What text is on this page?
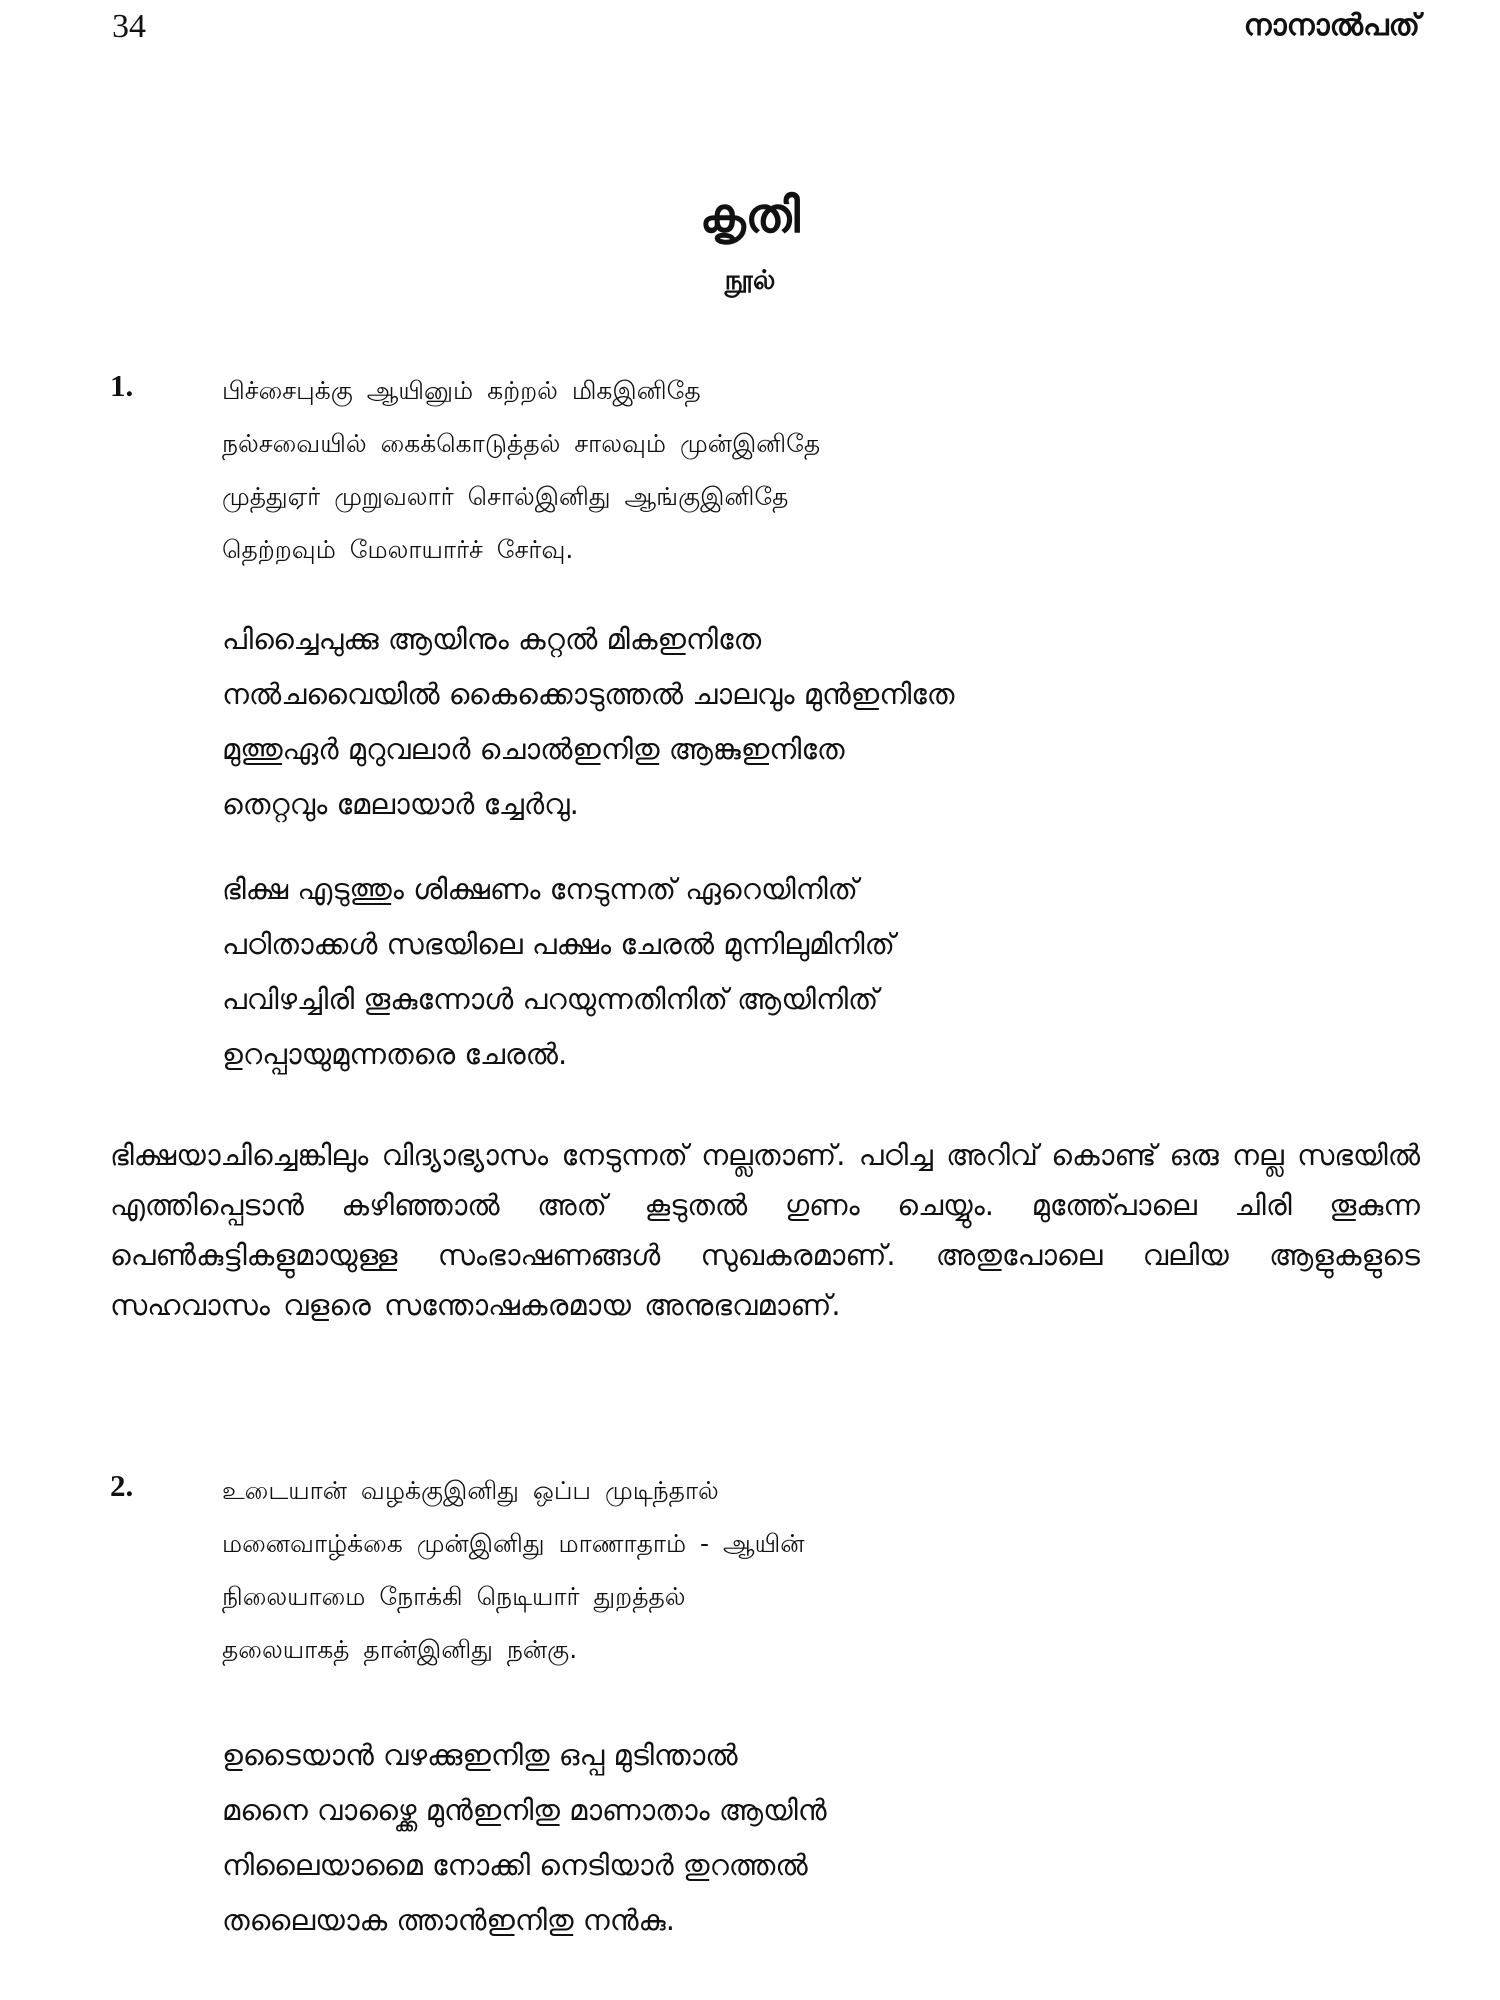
34	നാനാൽപത്
കൃതി
நூல்
1.	பிச்சைபுக்கு ஆயினும் கற்றல் மிகஇனிதே
நல்சவையில் கைக்கொடுத்தல் சாலவும் முன்இனிதே
முத்துஏர் முறுவலார் சொல்இனிது ஆங்குஇனிதே
தெற்றவும் மேலாயார்ச் சேர்வு.
പിച്ചൈപുക്കു ആയിനും കറ്റൽ മികഇനിതേ
നൽചവൈയിൽ കൈക്കൊടുത്തൽ ചാലവും മുൻഇനിതേ
മുത്തുഏർ മുറുവലാർ ചൊൽഇനിതു ആങ്കുഇനിതേ
തെറ്റവും മേലായാർ ച്ചേർവു.
ഭിക്ഷ എടുത്തും ശിക്ഷണം നേടുന്നത് ഏറെയിനിത്
പഠിതാക്കൾ സഭയിലെ പക്ഷം ചേരൽ മുന്നിലുമിനിത്
പവിഴച്ചിരി തൂകുന്നോൾ പറയുന്നതിനിത് ആയിനിത്
ഉറപ്പായുമുന്നതരെ ചേരൽ.
ഭിക്ഷയാചിച്ചെങ്കിലും വിദ്യാഭ്യാസം നേടുന്നത് നല്ലതാണ്. പഠിച്ച അറിവ് കൊണ്ട് ഒരു നല്ല സഭയിൽ എത്തിപ്പെടാൻ കഴിഞ്ഞാൽ അത് കൂടുതൽ ഗുണം ചെയ്യും. മുത്ത്പോലെ ചിരി തൂകുന്ന പെൺകുട്ടികളുമായുള്ള സംഭാഷണങ്ങൾ സുഖകരമാണ്. അതുപോലെ വലിയ ആളുകളുടെ സഹവാസം വളരെ സന്തോഷകരമായ അനുഭവമാണ്.
2.	உடையான் வழக்குஇனிது ஒப்ப முடிந்தால்
மனைவாழ்க்கை முன்இனிது மாணாதாம் - ஆயின்
நிலையாமை நோக்கி நெடியார் துறத்தல்
தலையாகத் தான்இனிது நன்கு.
ഉടൈയാൻ വഴക്കുഇനിതു ഒപ്പ മുടിന്താൽ
മനൈ വാഴ്ക്കൈ മുൻഇനിതു മാണാതാം ആയിൻ
നിലൈയാമൈ നോക്കി നെടിയാർ തുറത്തൽ
തലൈയാക ത്താൻഇനിതു നൻകു.
